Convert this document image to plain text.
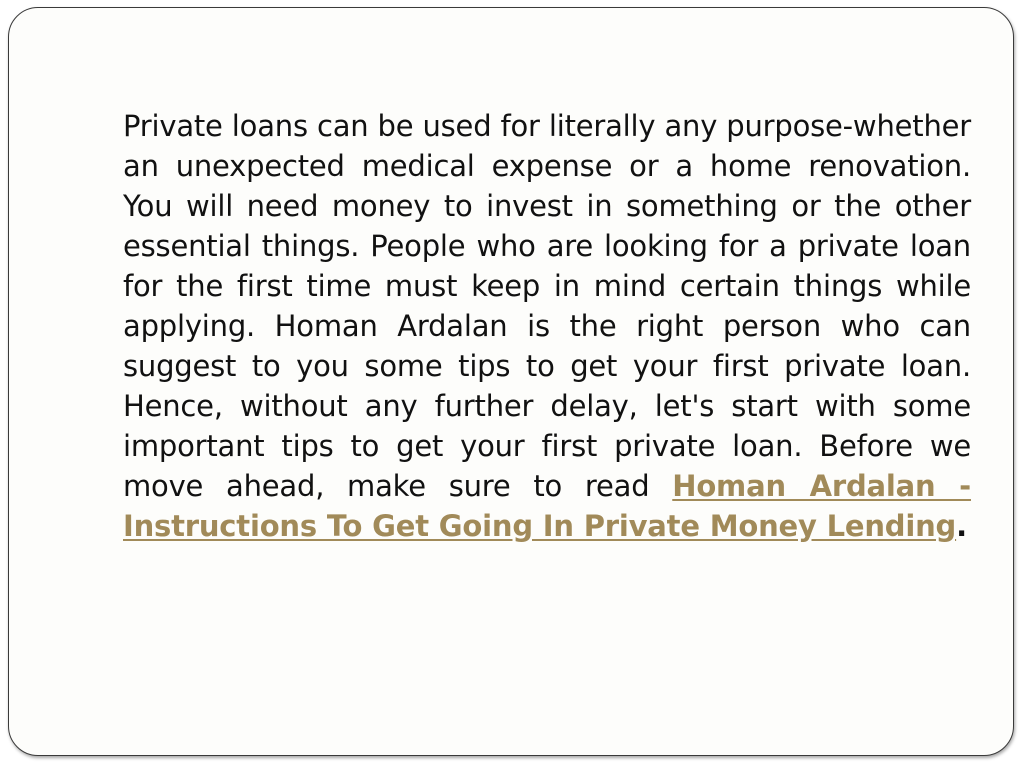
Private loans can be used for literally any purpose-whether an unexpected medical expense or a home renovation. You will need money to invest in something or the other essential things. People who are looking for a private loan for the first time must keep in mind certain things while applying. Homan Ardalan is the right person who can suggest to you some tips to get your first private loan. Hence, without any further delay, let's start with some important tips to get your first private loan. Before we move ahead, make sure to read Homan Ardalan - Instructions To Get Going In Private Money Lending.
